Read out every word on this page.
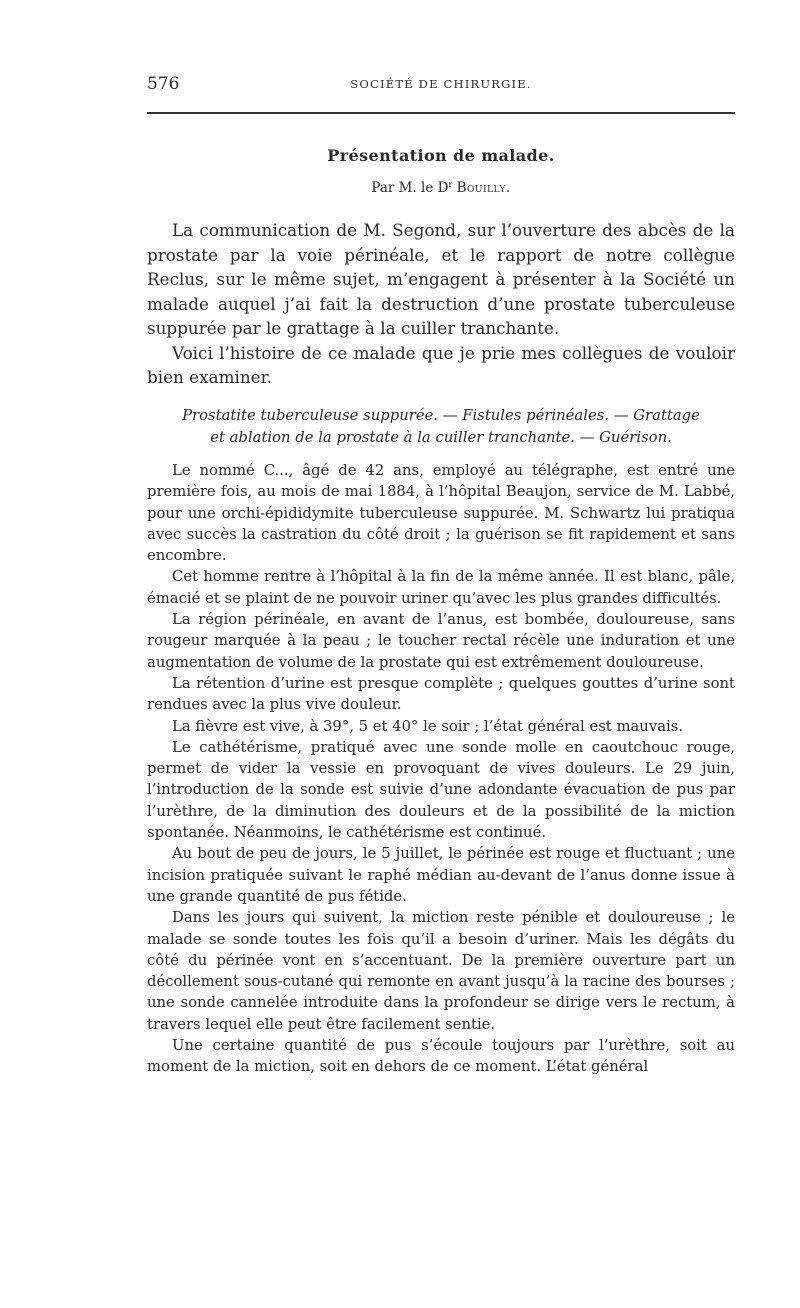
576	SOCIÉTÉ DE CHIRURGIE.
Présentation de malade.
Par M. le $D^r$ Bouilly.

La communication de M. Segond, sur l’ouverture des abcès de la prostate par la voie périnéale, et le rapport de notre collègue Reclus, sur le même sujet, m’engagent à présenter à la Société un malade auquel j’ai fait la destruction d’une prostate tuberculeuse suppurée par le grattage à la cuiller tranchante.

Voici l’histoire de ce malade que je prie mes collègues de vouloir bien examiner.

Prostatite tuberculeuse suppurée. — Fistules périnéales. — Grattage
et ablation de la prostate à la cuiller tranchante. — Guérison.

Le nommé C..., âgé de 42 ans, employé au télégraphe, est entré une première fois, au mois de mai 1884, à l’hôpital Beaujon, service de M. Labbé, pour une orchi-épididymite tuberculeuse suppurée. M. Schwartz lui pratiqua avec succès la castration du côté droit ; la guérison se fit rapidement et sans encombre.

Cet homme rentre à l’hôpital à la fin de la même année. Il est blanc, pâle, émacié et se plaint de ne pouvoir uriner qu’avec les plus grandes difficultés.

La région périnéale, en avant de l’anus, est bombée, douloureuse, sans rougeur marquée à la peau ; le toucher rectal récèle une induration et une augmentation de volume de la prostate qui est extrêmement douloureuse.

La rétention d’urine est presque complète ; quelques gouttes d’urine sont rendues avec la plus vive douleur.

La fièvre est vive, à 39°, 5 et 40° le soir ; l’état général est mauvais.

Le cathétérisme, pratiqué avec une sonde molle en caoutchouc rouge, permet de vider la vessie en provoquant de vives douleurs. Le 29 juin, l’introduction de la sonde est suivie d’une adondante évacuation de pus par l’urèthre, de la diminution des douleurs et de la possibilité de la miction spontanée. Néanmoins, le cathétérisme est continué.

Au bout de peu de jours, le 5 juillet, le périnée est rouge et fluctuant ; une incision pratiquée suivant le raphé médian au-devant de l’anus donne issue à une grande quantité de pus fétide.

Dans les jours qui suivent, la miction reste pénible et douloureuse ; le malade se sonde toutes les fois qu’il a besoin d’uriner. Mais les dégâts du côté du périnée vont en s’accentuant. De la première ouverture part un décollement sous-cutané qui remonte en avant jusqu’à la racine des bourses ; une sonde cannelée introduite dans la profondeur se dirige vers le rectum, à travers lequel elle peut être facilement sentie.

Une certaine quantité de pus s’écoule toujours par l’urèthre, soit au moment de la miction, soit en dehors de ce moment. L’état général
